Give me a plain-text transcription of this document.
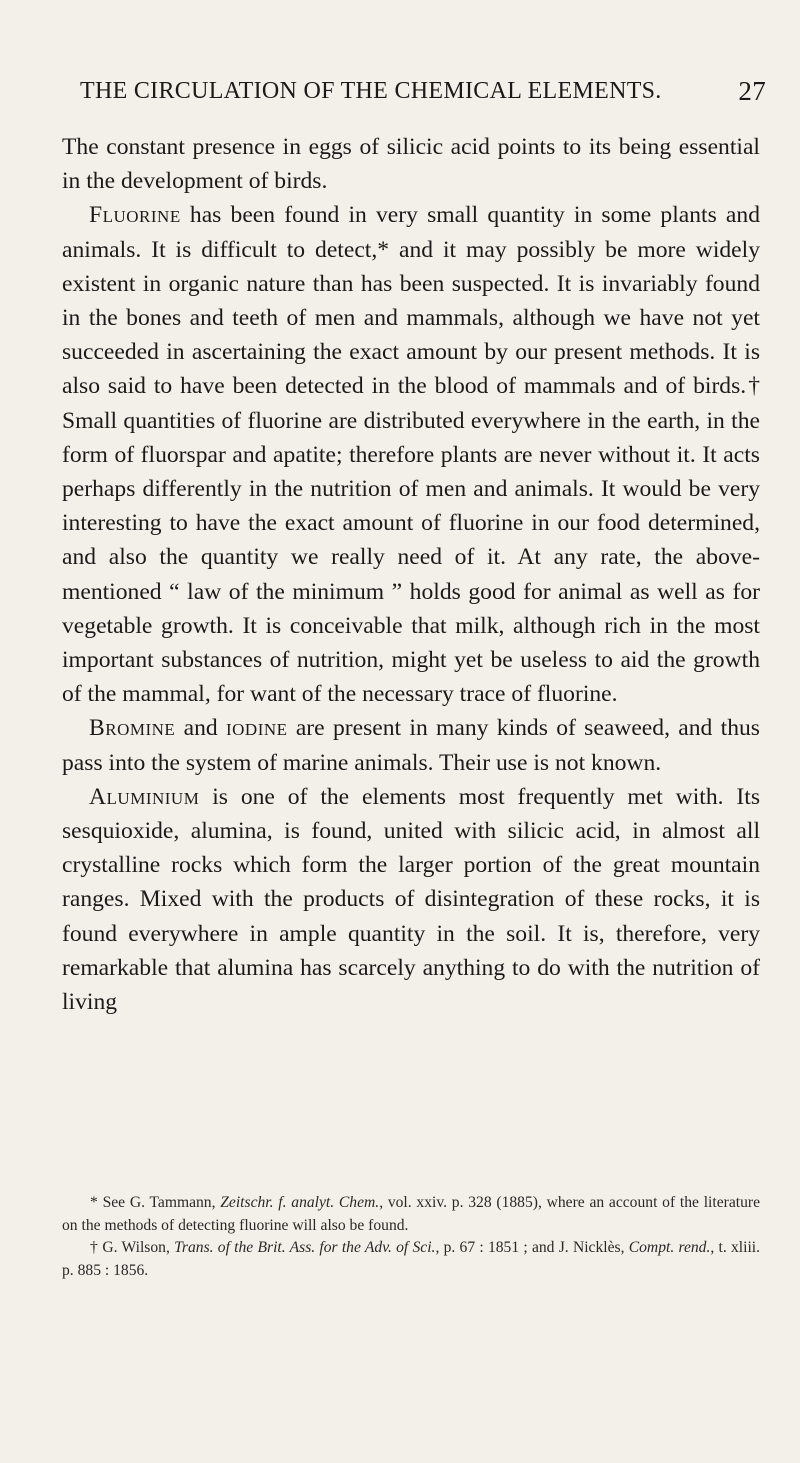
THE CIRCULATION OF THE CHEMICAL ELEMENTS.	27

The constant presence in eggs of silicic acid points to its being essential in the development of birds.

Fluorine has been found in very small quantity in some plants and animals. It is difficult to detect,* and it may possibly be more widely existent in organic nature than has been suspected. It is invariably found in the bones and teeth of men and mammals, although we have not yet succeeded in ascertaining the exact amount by our present methods. It is also said to have been detected in the blood of mammals and of birds.† Small quantities of fluorine are distributed everywhere in the earth, in the form of fluorspar and apatite; therefore plants are never without it. It acts perhaps differently in the nutrition of men and animals. It would be very interesting to have the exact amount of fluorine in our food determined, and also the quantity we really need of it. At any rate, the above-mentioned “ law of the minimum ” holds good for animal as well as for vegetable growth. It is conceivable that milk, although rich in the most important substances of nutrition, might yet be useless to aid the growth of the mammal, for want of the necessary trace of fluorine.

Bromine and iodine are present in many kinds of seaweed, and thus pass into the system of marine animals. Their use is not known.

Aluminium is one of the elements most frequently met with. Its sesquioxide, alumina, is found, united with silicic acid, in almost all crystalline rocks which form the larger portion of the great mountain ranges. Mixed with the products of disintegration of these rocks, it is found everywhere in ample quantity in the soil. It is, therefore, very remarkable that alumina has scarcely anything to do with the nutrition of living

* See G. Tammann, Zeitschr. f. analyt. Chem., vol. xxiv. p. 328 (1885), where an account of the literature on the methods of detecting fluorine will also be found.

† G. Wilson, Trans. of the Brit. Ass. for the Adv. of Sci., p. 67 : 1851 ; and J. Nicklès, Compt. rend., t. xliii. p. 885 : 1856.
